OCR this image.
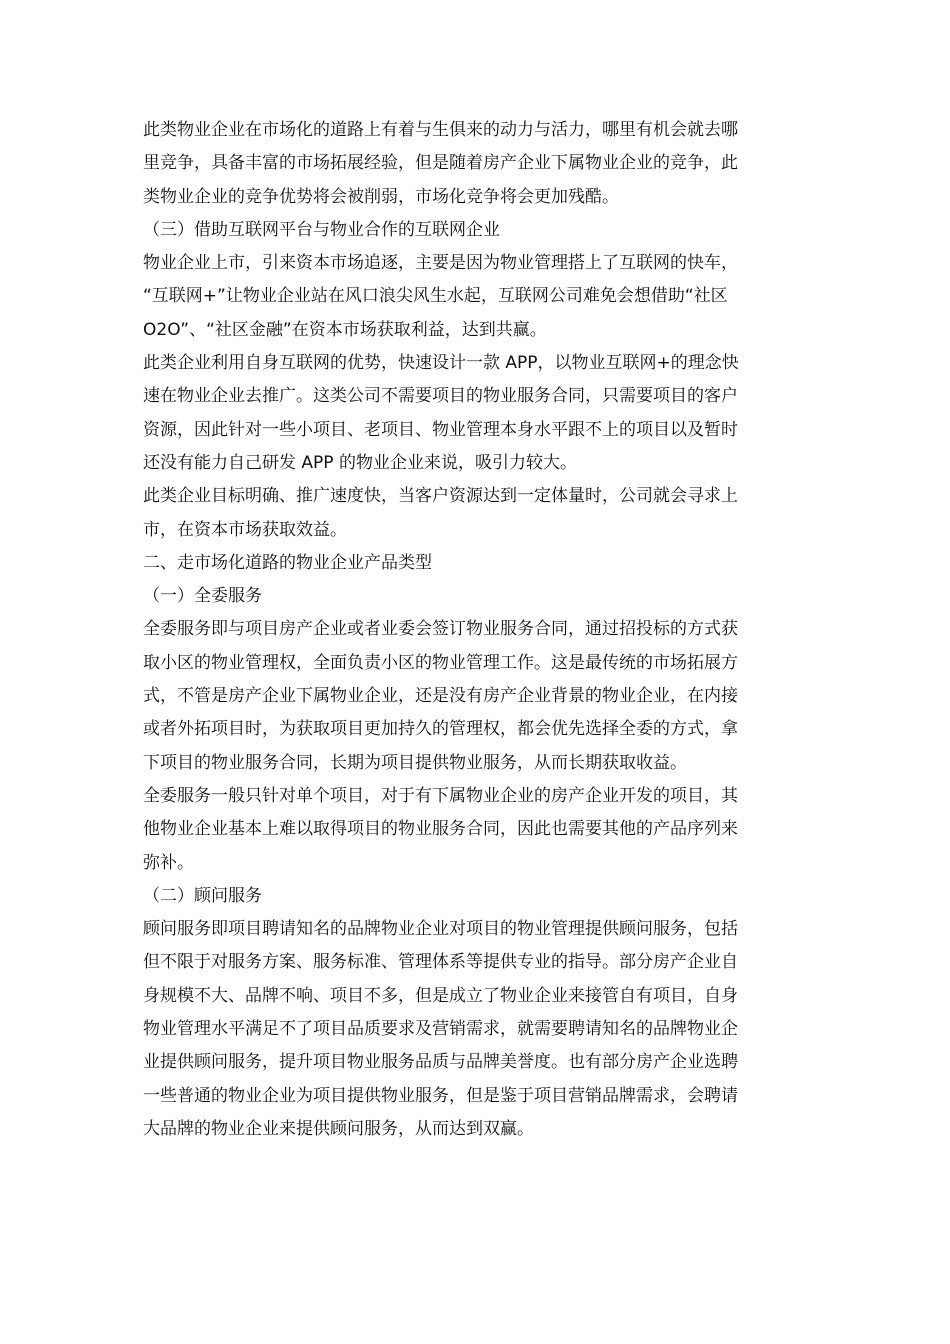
此类物业企业在市场化的道路上有着与生俱来的动力与活力，哪里有机会就去哪
里竞争，具备丰富的市场拓展经验，但是随着房产企业下属物业企业的竞争，此
类物业企业的竞争优势将会被削弱，市场化竞争将会更加残酷。

（三）借助互联网平台与物业合作的互联网企业

物业企业上市，引来资本市场追逐，主要是因为物业管理搭上了互联网的快车，
“互联网+”让物业企业站在风口浪尖风生水起，互联网公司难免会想借助“社区
O2O”、“社区金融”在资本市场获取利益，达到共赢。

此类企业利用自身互联网的优势，快速设计一款 APP，以物业互联网+的理念快
速在物业企业去推广。这类公司不需要项目的物业服务合同，只需要项目的客户
资源，因此针对一些小项目、老项目、物业管理本身水平跟不上的项目以及暂时
还没有能力自己研发 APP 的物业企业来说，吸引力较大。

此类企业目标明确、推广速度快，当客户资源达到一定体量时，公司就会寻求上
市，在资本市场获取效益。

二、走市场化道路的物业企业产品类型

（一）全委服务

全委服务即与项目房产企业或者业委会签订物业服务合同，通过招投标的方式获
取小区的物业管理权，全面负责小区的物业管理工作。这是最传统的市场拓展方
式，不管是房产企业下属物业企业，还是没有房产企业背景的物业企业，在内接
或者外拓项目时，为获取项目更加持久的管理权，都会优先选择全委的方式，拿
下项目的物业服务合同，长期为项目提供物业服务，从而长期获取收益。

全委服务一般只针对单个项目，对于有下属物业企业的房产企业开发的项目，其
他物业企业基本上难以取得项目的物业服务合同，因此也需要其他的产品序列来
弥补。

（二）顾问服务

顾问服务即项目聘请知名的品牌物业企业对项目的物业管理提供顾问服务，包括
但不限于对服务方案、服务标准、管理体系等提供专业的指导。部分房产企业自
身规模不大、品牌不响、项目不多，但是成立了物业企业来接管自有项目，自身
物业管理水平满足不了项目品质要求及营销需求，就需要聘请知名的品牌物业企
业提供顾问服务，提升项目物业服务品质与品牌美誉度。也有部分房产企业选聘
一些普通的物业企业为项目提供物业服务，但是鉴于项目营销品牌需求，会聘请
大品牌的物业企业来提供顾问服务，从而达到双赢。
